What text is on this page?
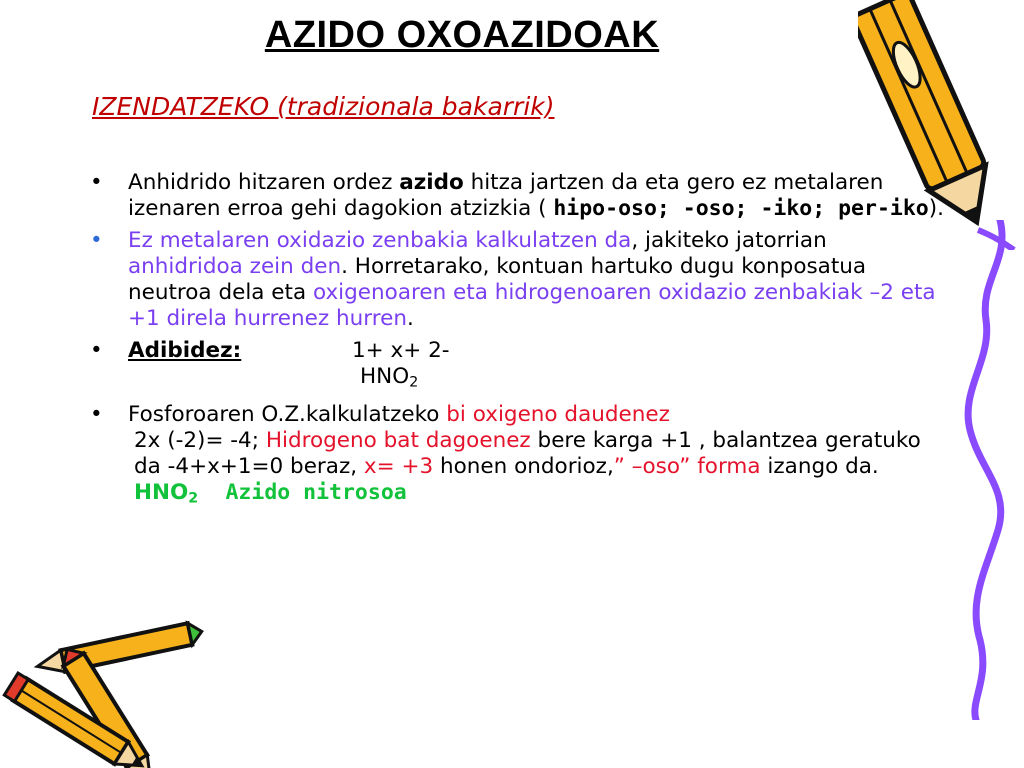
AZIDO OXOAZIDOAK
IZENDATZEKO (tradizionala bakarrik)
• Anhidrido hitzaren ordez azido hitza jartzen da eta gero ez metalaren izenaren erroa gehi dagokion atzizkia ( hipo-oso; -oso; -iko; per-iko).
• Ez metalaren oxidazio zenbakia kalkulatzen da, jakiteko jatorrian anhidridoa zein den. Horretarako, kontuan hartuko dugu konposatua neutroa dela eta oxigenoaren eta hidrogenoaren oxidazio zenbakiak –2 eta +1 direla hurrenez hurren.
• Adibidez:	1+ x+ 2-
$HNO_2$
• Fosforoaren O.Z.kalkulatzeko bi oxigeno daudenez
2x (-2)= -4; Hidrogeno bat dagoenez bere karga +1 , balantzea geratuko da -4+x+1=0 beraz, x= +3 honen ondorioz,” –oso” forma izango da. $HNO_2$ Azido nitrosoa
